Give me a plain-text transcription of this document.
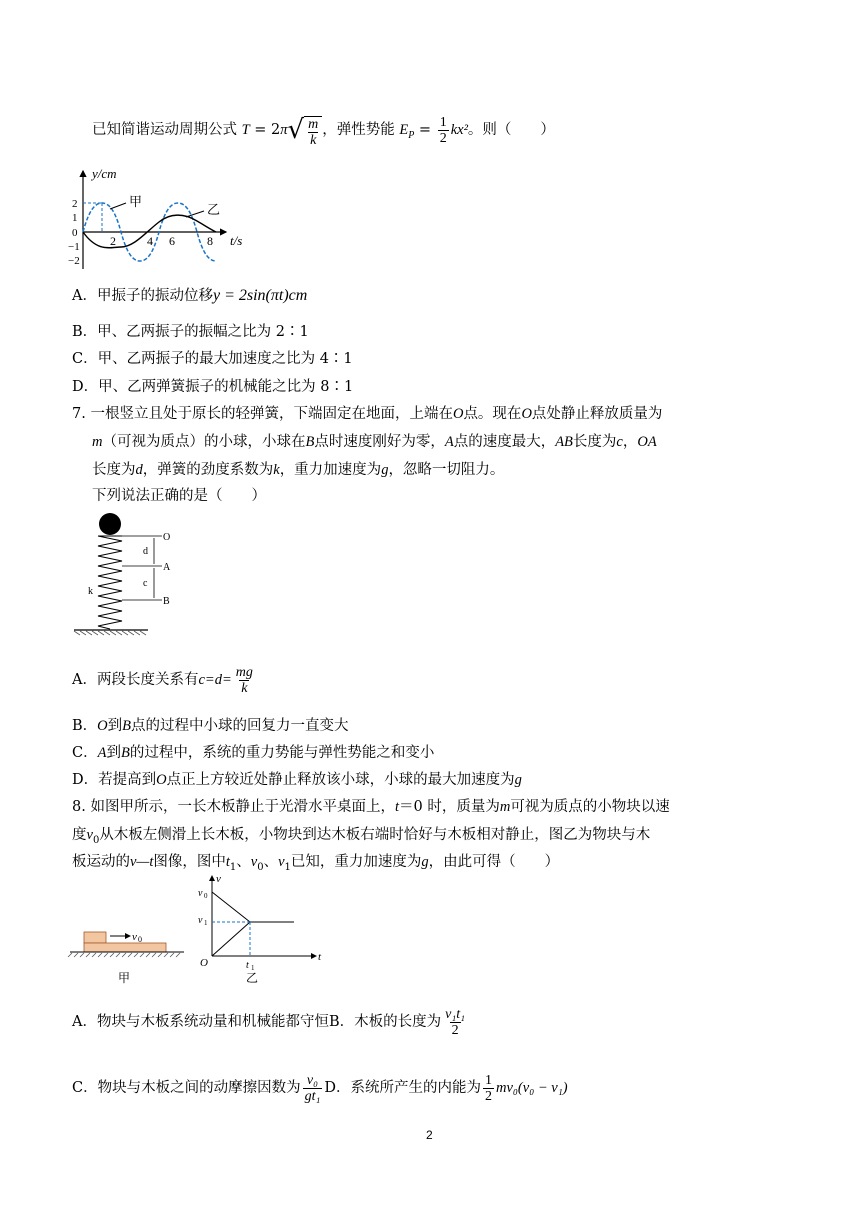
已知简谐运动周期公式 T = 2π √ $\frac{m}{k}$ ，弹性势能 $E_P = \frac{1}{2} kx^2$。则（　　）
y/cm
t/s
2
1
0
−1
−2
2	4 6	8
甲
乙
A．甲振子的振动位移y = 2sin(πt)cm
B．甲、乙两振子的振幅之比为 2∶1
C．甲、乙两振子的最大加速度之比为 4∶1
D．甲、乙两弹簧振子的机械能之比为 8∶1
7. 一根竖立且处于原长的轻弹簧，下端固定在地面，上端在O点。现在O点处静止释放质量为
m（可视为质点）的小球，小球在B点时速度刚好为零，A点的速度最大，AB长度为c，OA
长度为d，弹簧的劲度系数为k，重力加速度为g，忽略一切阻力。
下列说法正确的是（　　）
O
A
B
d
c
k
A．两段长度关系有$c=d= \frac{mg}{k}$
B．O到B点的过程中小球的回复力一直变大
C．A到B的过程中，系统的重力势能与弹性势能之和变小
D．若提高到O点正上方较近处静止释放该小球，小球的最大加速度为g
8. 如图甲所示，一长木板静止于光滑水平桌面上，t＝0 时，质量为m可视为质点的小物块以速
度$v_0$从木板左侧滑上长木板，小物块到达木板右端时恰好与木板相对静止，图乙为物块与木
板运动的v—t图像，图中$t_1$、$v_0$、$v_1$已知，重力加速度为g，由此可得（　　）
v 0
甲
v
t
O
v 0
v 1
t 1
乙
A．物块与木板系统动量和机械能都守恒B．木板的长度为 $\frac{\text{v₁t₁}}{2}$
C．物块与木板之间的动摩擦因数为 $\frac{\text{v₀}}{\text{gt₁}}$ D．系统所产生的内能为 $\frac{1}{2} mv_0(v_0 - v_1)$
2
